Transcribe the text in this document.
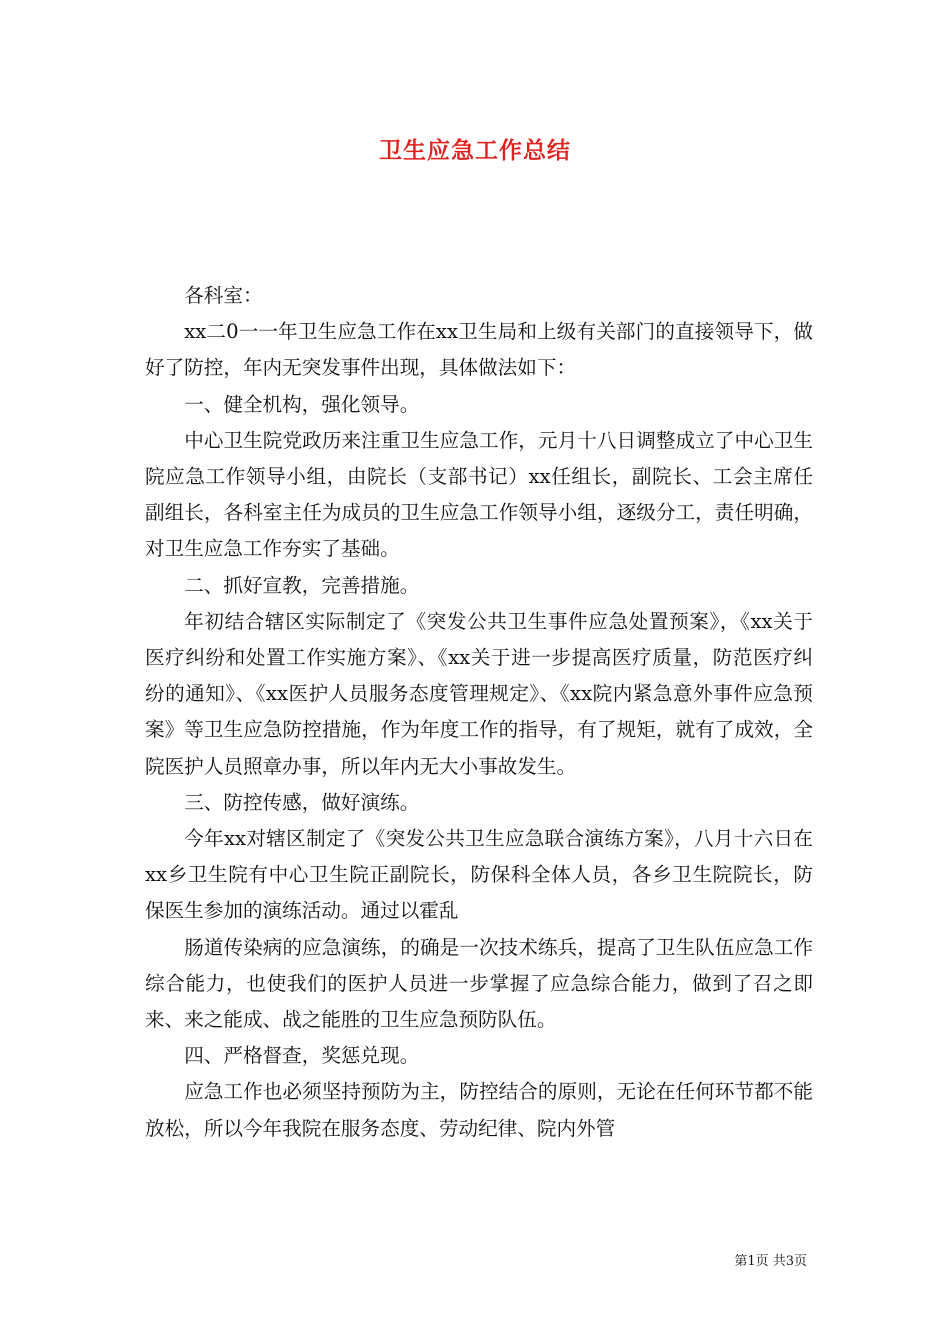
卫生应急工作总结

各科室：

xx二0一一年卫生应急工作在xx卫生局和上级有关部门的直接领导下，做好了防控，年内无突发事件出现，具体做法如下：

一、健全机构，强化领导。

中心卫生院党政历来注重卫生应急工作，元月十八日调整成立了中心卫生院应急工作领导小组，由院长（支部书记）xx任组长，副院长、工会主席任副组长，各科室主任为成员的卫生应急工作领导小组，逐级分工，责任明确，对卫生应急工作夯实了基础。

二、抓好宣教，完善措施。

年初结合辖区实际制定了《突发公共卫生事件应急处置预案》，《xx关于医疗纠纷和处置工作实施方案》、《xx关于进一步提高医疗质量，防范医疗纠纷的通知》、《xx医护人员服务态度管理规定》、《xx院内紧急意外事件应急预案》等卫生应急防控措施，作为年度工作的指导，有了规矩，就有了成效，全院医护人员照章办事，所以年内无大小事故发生。

三、防控传感，做好演练。

今年xx对辖区制定了《突发公共卫生应急联合演练方案》，八月十六日在xx乡卫生院有中心卫生院正副院长，防保科全体人员，各乡卫生院院长，防保医生参加的演练活动。通过以霍乱

肠道传染病的应急演练，的确是一次技术练兵，提高了卫生队伍应急工作综合能力，也使我们的医护人员进一步掌握了应急综合能力，做到了召之即来、来之能成、战之能胜的卫生应急预防队伍。

四、严格督查，奖惩兑现。

应急工作也必须坚持预防为主，防控结合的原则，无论在任何环节都不能放松，所以今年我院在服务态度、劳动纪律、院内外管

第1页 共3页
